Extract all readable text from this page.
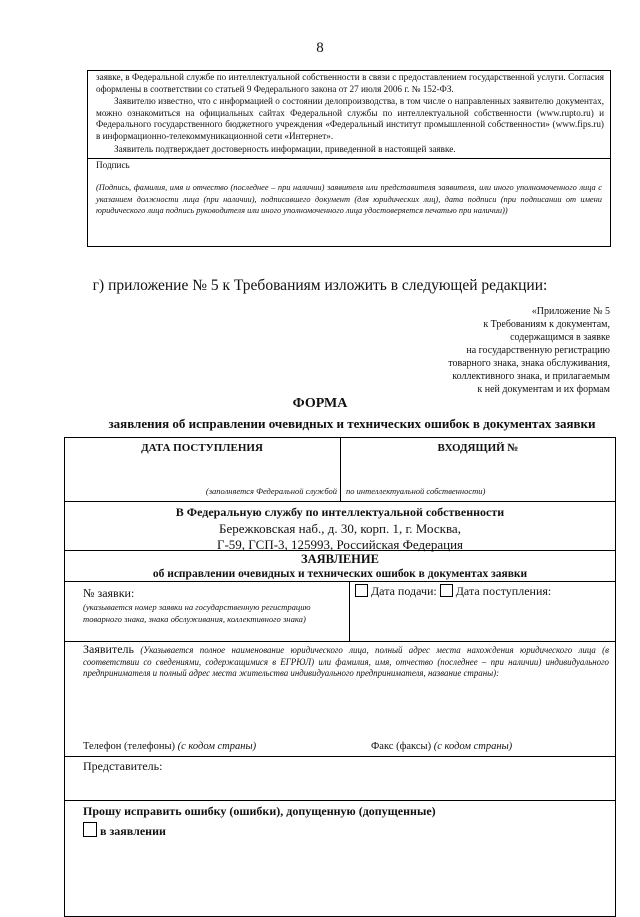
8
заявке, в Федеральной службе по интеллектуальной собственности в связи с предоставлением государственной услуги. Согласия оформлены в соответствии со статьей 9 Федерального закона от 27 июля 2006 г. № 152-ФЗ.
Заявителю известно, что с информацией о состоянии делопроизводства, в том числе о направленных заявителю документах, можно ознакомиться на официальных сайтах Федеральной службы по интеллектуальной собственности (www.rupto.ru) и Федерального государственного бюджетного учреждения «Федеральный институт промышленной собственности» (www.fips.ru) в информационно-телекоммуникационной сети «Интернет».
Заявитель подтверждает достоверность информации, приведенной в настоящей заявке.
Подпись
(Подпись, фамилия, имя и отчество (последнее – при наличии) заявителя или представителя заявителя, или иного уполномоченного лица с указанием должности лица (при наличии), подписавшего документ (для юридических лиц), дата подписи (при подписании от имени юридического лица подпись руководителя или иного уполномоченного лица удостоверяется печатью при наличии))
г) приложение № 5 к Требованиям изложить в следующей редакции:
«Приложение № 5
к Требованиям к документам,
содержащимся в заявке
на государственную регистрацию
товарного знака, знака обслуживания,
коллективного знака, и прилагаемым
к ней документам и их формам
ФОРМА
заявления об исправлении очевидных и технических ошибок в документах заявки
ДАТА ПОСТУПЛЕНИЯ	ВХОДЯЩИЙ №
(заполняется Федеральной службой по интеллектуальной собственности)
В Федеральную службу по интеллектуальной собственности
Бережковская наб., д. 30, корп. 1, г. Москва,
Г-59, ГСП-3, 125993, Российская Федерация
ЗАЯВЛЕНИЕ
об исправлении очевидных и технических ошибок в документах заявки
№ заявки:
(указывается номер заявки на государственную регистрацию товарного знака, знака обслуживания, коллективного знака)
Дата подачи: Дата поступления:
Заявитель (Указывается полное наименование юридического лица, полный адрес места нахождения юридического лица (в соответствии со сведениями, содержащимися в ЕГРЮЛ) или фамилия, имя, отчество (последнее – при наличии) индивидуального предпринимателя и полный адрес места жительства индивидуального предпринимателя, название страны):
Телефон (телефоны) (с кодом страны)	Факс (факсы) (с кодом страны)
Представитель:
Прошу исправить ошибку (ошибки), допущенную (допущенные)
в заявлении
